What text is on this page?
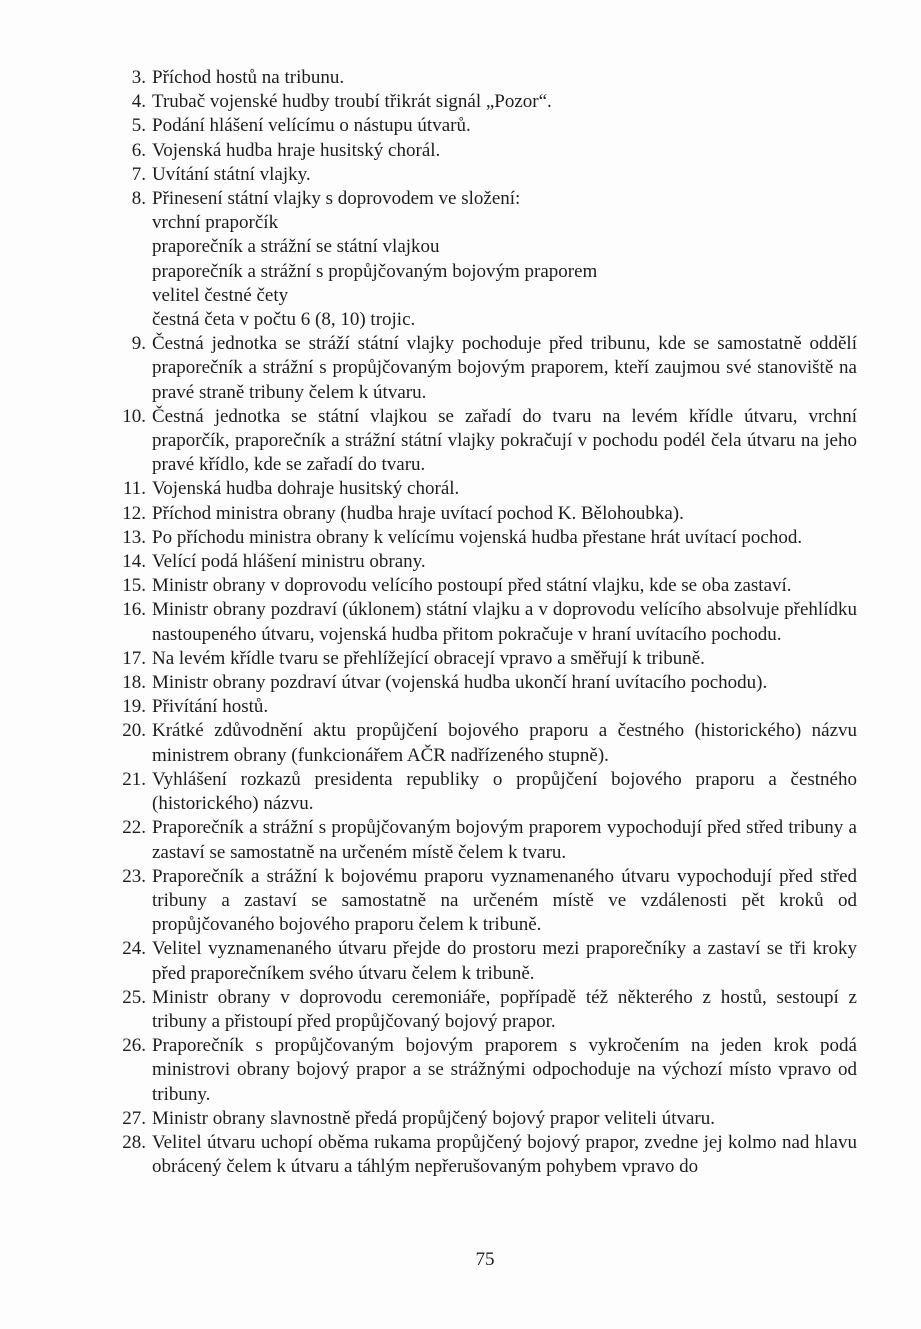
3. Příchod hostů na tribunu.
4. Trubač vojenské hudby troubí třikrát signál „Pozor“.
5. Podání hlášení velícímu o nástupu útvarů.
6. Vojenská hudba hraje husitský chorál.
7. Uvítání státní vlajky.
8. Přinesení státní vlajky s doprovodem ve složení:
vrchní praporčík
praporečník a strážní se státní vlajkou
praporečník a strážní s propůjčovaným bojovým praporem
velitel čestné čety
čestná četa v počtu 6 (8, 10) trojic.
9. Čestná jednotka se stráží státní vlajky pochoduje před tribunu, kde se samostatně oddělí praporečník a strážní s propůjčovaným bojovým praporem, kteří zaujmou své stanoviště na pravé straně tribuny čelem k útvaru.
10. Čestná jednotka se státní vlajkou se zařadí do tvaru na levém křídle útvaru, vrchní praporčík, praporečník a strážní státní vlajky pokračují v pochodu podél čela útvaru na jeho pravé křídlo, kde se zařadí do tvaru.
11. Vojenská hudba dohraje husitský chorál.
12. Příchod ministra obrany (hudba hraje uvítací pochod K. Bělohoubka).
13. Po příchodu ministra obrany k velícímu vojenská hudba přestane hrát uvítací pochod.
14. Velící podá hlášení ministru obrany.
15. Ministr obrany v doprovodu velícího postoupí před státní vlajku, kde se oba zastaví.
16. Ministr obrany pozdraví (úklonem) státní vlajku a v doprovodu velícího absolvuje přehlídku nastoupeného útvaru, vojenská hudba přitom pokračuje v hraní uvítacího pochodu.
17. Na levém křídle tvaru se přehlížející obracejí vpravo a směřují k tribuně.
18. Ministr obrany pozdraví útvar (vojenská hudba ukončí hraní uvítacího pochodu).
19. Přivítání hostů.
20. Krátké zdůvodnění aktu propůjčení bojového praporu a čestného (historického) názvu ministrem obrany (funkcionářem AČR nadřízeného stupně).
21. Vyhlášení rozkazů presidenta republiky o propůjčení bojového praporu a čestného (historického) názvu.
22. Praporečník a strážní s propůjčovaným bojovým praporem vypochodují před střed tribuny a zastaví se samostatně na určeném místě čelem k tvaru.
23. Praporečník a strážní k bojovému praporu vyznamenaného útvaru vypochodují před střed tribuny a zastaví se samostatně na určeném místě ve vzdálenosti pět kroků od propůjčovaného bojového praporu čelem k tribuně.
24. Velitel vyznamenaného útvaru přejde do prostoru mezi praporečníky a zastaví se tři kroky před praporečníkem svého útvaru čelem k tribuně.
25. Ministr obrany v doprovodu ceremoniáře, popřípadě též některého z hostů, sestoupí z tribuny a přistoupí před propůjčovaný bojový prapor.
26. Praporečník s propůjčovaným bojovým praporem s vykročením na jeden krok podá ministrovi obrany bojový prapor a se strážnými odpochoduje na výchozí místo vpravo od tribuny.
27. Ministr obrany slavnostně předá propůjčený bojový prapor veliteli útvaru.
28. Velitel útvaru uchopí oběma rukama propůjčený bojový prapor, zvedne jej kolmo nad hlavu obrácený čelem k útvaru a táhlým nepřerušovaným pohybem vpravo do
75
